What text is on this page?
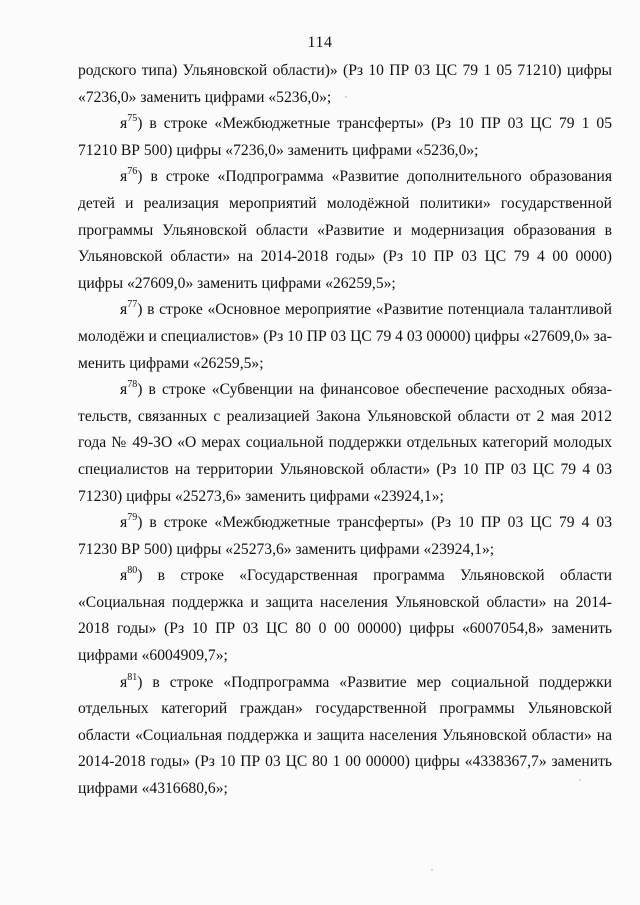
114

родского типа) Ульяновской области)» (Рз 10 ПР 03 ЦС 79 1 05 71210) цифры «7236,0» заменить цифрами «5236,0»;

$я^{75}$) в строке «Межбюджетные трансферты» (Рз 10 ПР 03 ЦС 79 1 05 71210 ВР 500) цифры «7236,0» заменить цифрами «5236,0»;

$я^{76}$) в строке «Подпрограмма «Развитие дополнительного образования детей и реализация мероприятий молодёжной политики» государственной программы Ульяновской области «Развитие и модернизация образования в Ульяновской области» на 2014-2018 годы» (Рз 10 ПР 03 ЦС 79 4 00 0000) цифры «27609,0» заменить цифрами «26259,5»;

$я^{77}$) в строке «Основное мероприятие «Развитие потенциала талантливой молодёжи и специалистов» (Рз 10 ПР 03 ЦС 79 4 03 00000) цифры «27609,0» заменить цифрами «26259,5»;

$я^{78}$) в строке «Субвенции на финансовое обеспечение расходных обязательств, связанных с реализацией Закона Ульяновской области от 2 мая 2012 года № 49-ЗО «О мерах социальной поддержки отдельных категорий молодых специалистов на территории Ульяновской области» (Рз 10 ПР 03 ЦС 79 4 03 71230) цифры «25273,6» заменить цифрами «23924,1»;

$я^{79}$) в строке «Межбюджетные трансферты» (Рз 10 ПР 03 ЦС 79 4 03 71230 ВР 500) цифры «25273,6» заменить цифрами «23924,1»;

$я^{80}$) в строке «Государственная программа Ульяновской области «Социальная поддержка и защита населения Ульяновской области» на 2014-2018 годы» (Рз 10 ПР 03 ЦС 80 0 00 00000) цифры «6007054,8» заменить цифрами «6004909,7»;

$я^{81}$) в строке «Подпрограмма «Развитие мер социальной поддержки отдельных категорий граждан» государственной программы Ульяновской области «Социальная поддержка и защита населения Ульяновской области» на 2014-2018 годы» (Рз 10 ПР 03 ЦС 80 1 00 00000) цифры «4338367,7» заменить цифрами «4316680,6»;
